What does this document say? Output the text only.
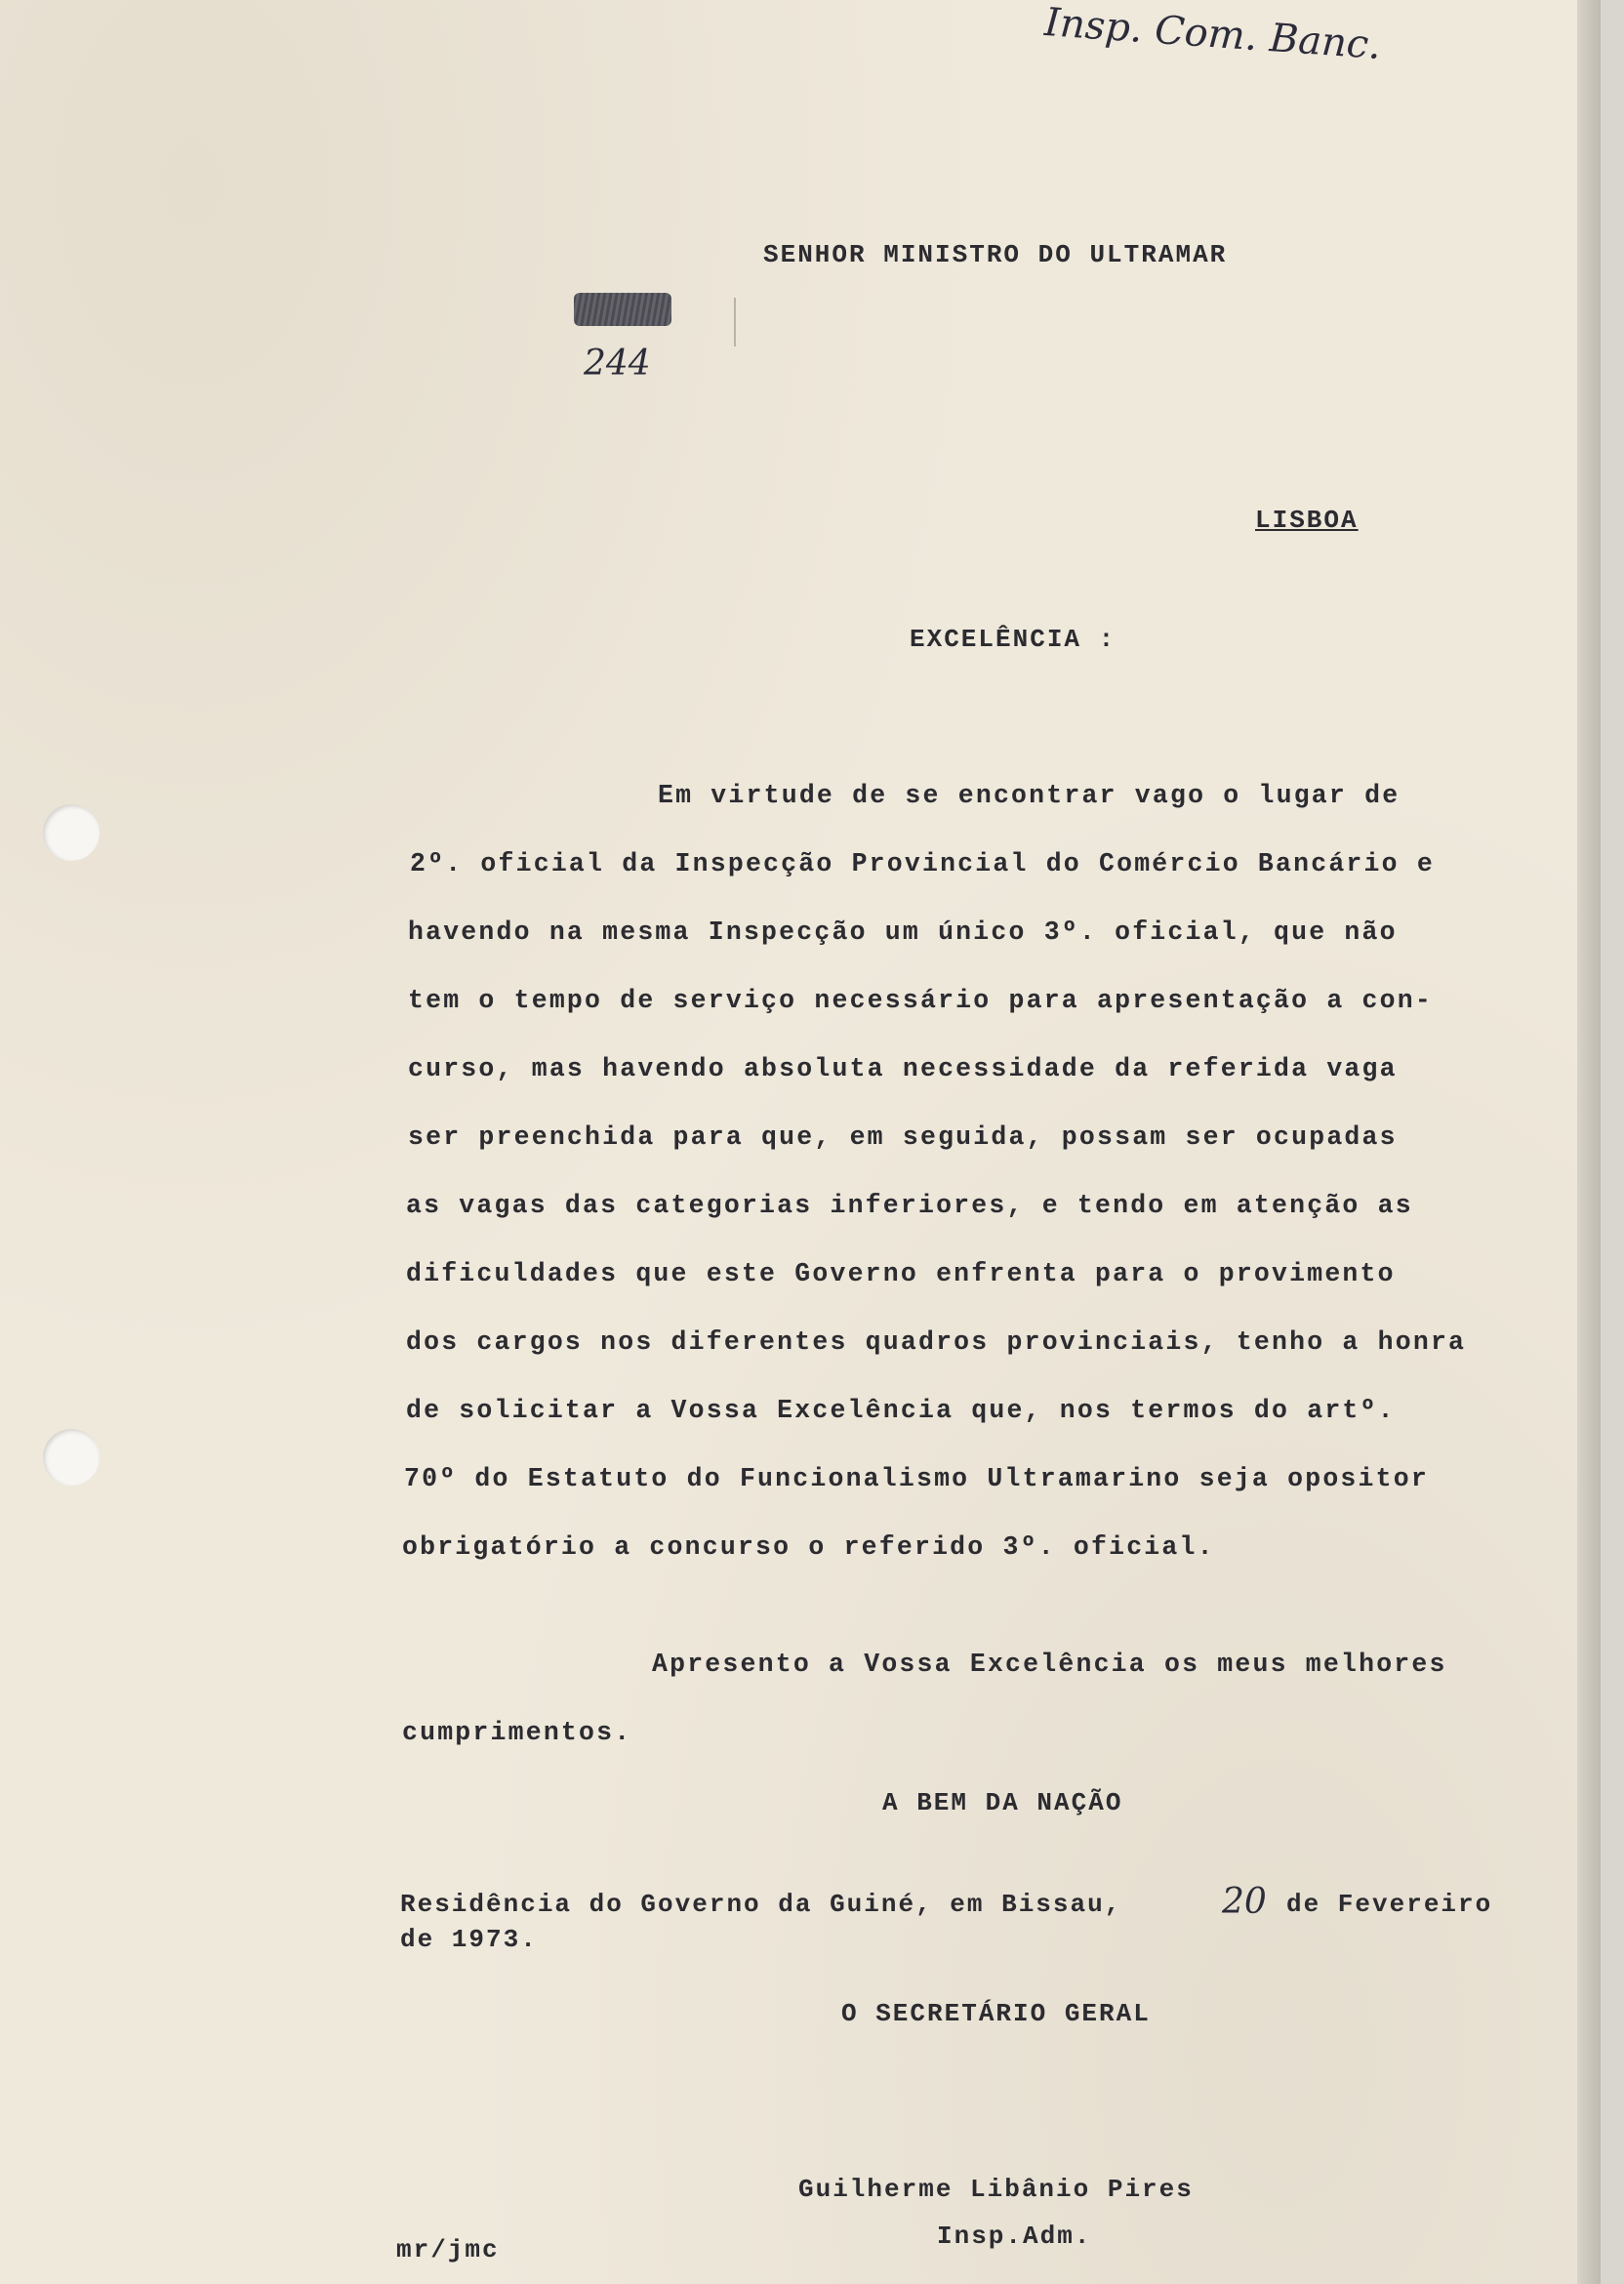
Insp. Com. Banc.
SENHOR MINISTRO DO ULTRAMAR
244
LISBOA
EXCELÊNCIA :
Em virtude de se encontrar vago o lugar de
2º. oficial da Inspecção Provincial do Comércio Bancário e
havendo na mesma Inspecção um único 3º. oficial, que não
tem o tempo de serviço necessário para apresentação a con-
curso, mas havendo absoluta necessidade da referida vaga
ser preenchida para que, em seguida, possam ser ocupadas
as vagas das categorias inferiores, e tendo em atenção as
dificuldades que este Governo enfrenta para o provimento
dos cargos nos diferentes quadros provinciais, tenho a honra
de solicitar a Vossa Excelência que, nos termos do artº.
70º do Estatuto do Funcionalismo Ultramarino seja opositor
obrigatório a concurso o referido 3º. oficial.
Apresento a Vossa Excelência os meus melhores
cumprimentos.
A BEM DA NAÇÃO
Residência do Governo da Guiné, em Bissau,	20 de Fevereiro
de 1973.
O SECRETÁRIO GERAL
Guilherme Libânio Pires
Insp.Adm.
mr/jmc
